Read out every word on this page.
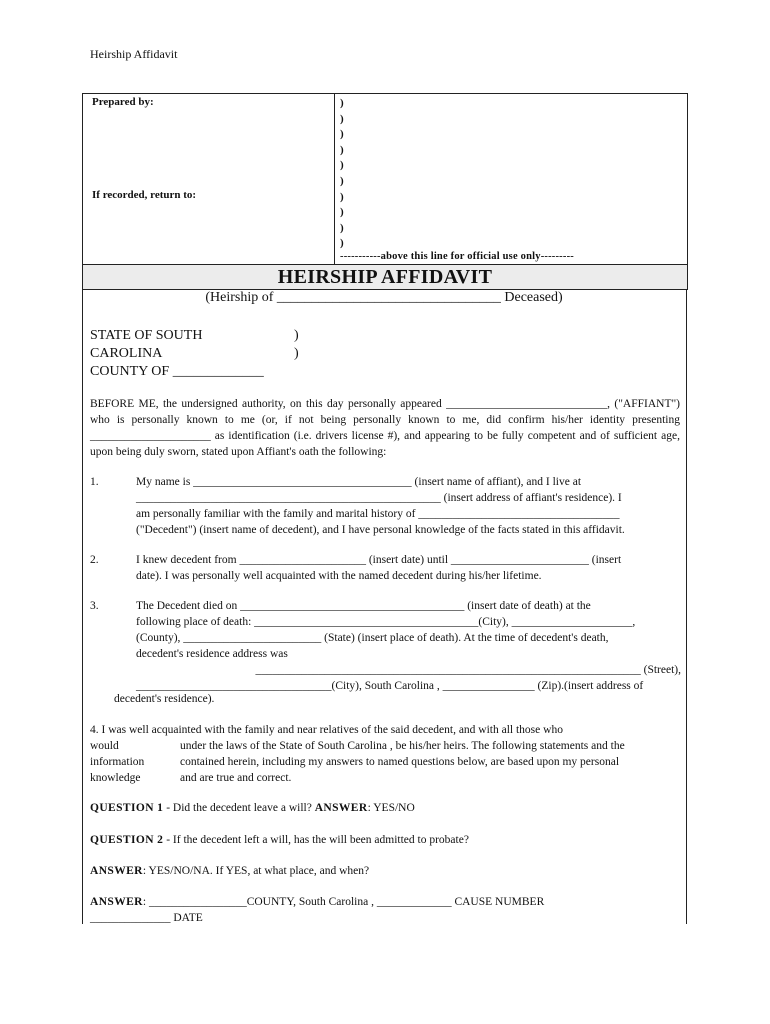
Heirship Affidavit
Prepared by:
If recorded, return to:
)
)
)
)
)
)
)
)
)
)
-----------above this line for official use only---------
HEIRSHIP AFFIDAVIT
(Heirship of ________________________________ Deceased)
STATE OF SOUTH
CAROLINA
COUNTY OF _____________
)
)
BEFORE ME, the undersigned authority, on this day personally appeared ____________________________, ("AFFIANT") who is personally known to me (or, if not being personally known to me, did confirm his/her identity presenting _____________________ as identification (i.e. drivers license #), and appearing to be fully competent and of sufficient age, upon being duly sworn, stated upon Affiant's oath the following:
1.	My name is ______________________________________ (insert name of affiant), and I live at
_____________________________________________________ (insert address of affiant's residence). I
am personally familiar with the family and marital history of ___________________________________
("Decedent") (insert name of decedent), and I have personal knowledge of the facts stated in this affidavit.
2.	I knew decedent from ______________________ (insert date) until ________________________ (insert
date). I was personally well acquainted with the named decedent during his/her lifetime.
3.	The Decedent died on _______________________________________ (insert date of death) at the
following place of death: _______________________________________(City), _____________________,
(County), ________________________ (State) (insert place of death). At the time of decedent's death,
decedent's residence address was
___________________________________________________________________ (Street),
__________________________________(City), South Carolina , ________________ (Zip).(insert address of
decedent's residence).
4. I was well acquainted with the family and near relatives of the said decedent, and with all those who
would	under the laws of the State of South Carolina , be his/her heirs. The following statements and the
information	contained herein, including my answers to named questions below, are based upon my personal
knowledge	and are true and correct.
QUESTION 1 - Did the decedent leave a will? ANSWER: YES/NO
QUESTION 2 - If the decedent left a will, has the will been admitted to probate?
ANSWER: YES/NO/NA. If YES, at what place, and when?
ANSWER: _________________COUNTY, South Carolina , _____________ CAUSE NUMBER
______________ DATE
